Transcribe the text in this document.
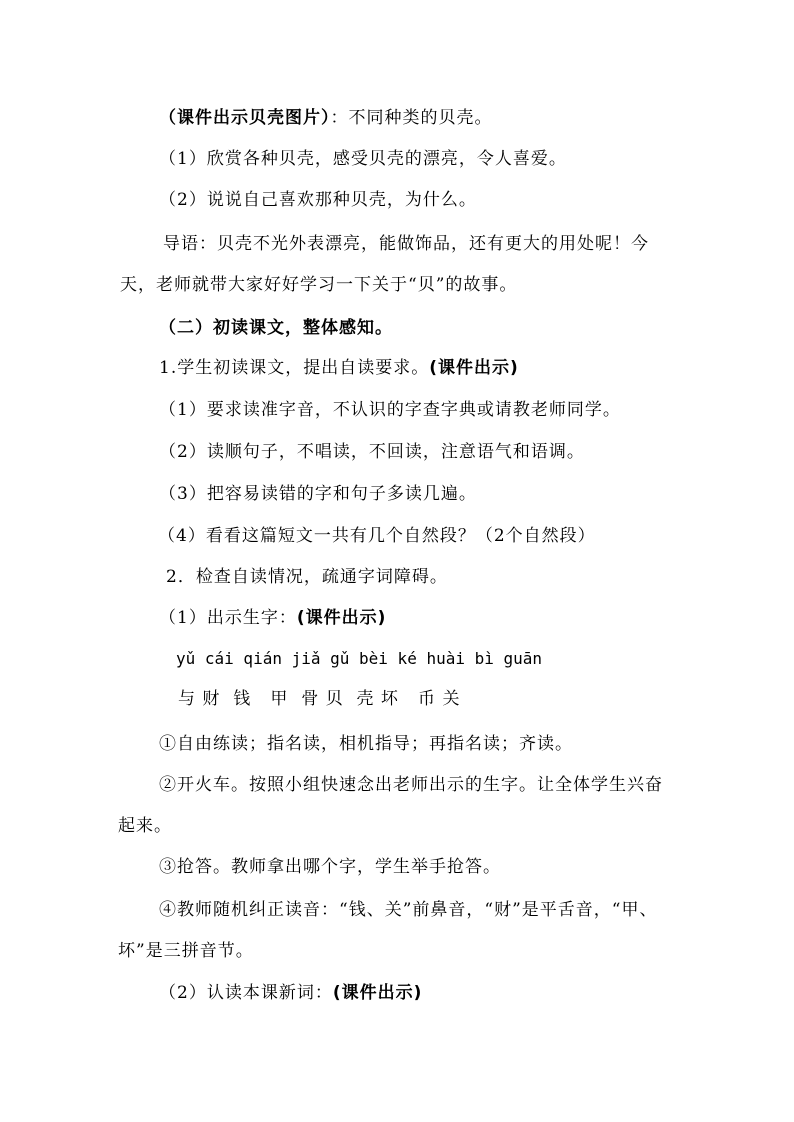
（课件出示贝壳图片）：不同种类的贝壳。
（1）欣赏各种贝壳，感受贝壳的漂亮，令人喜爱。
（2）说说自己喜欢那种贝壳，为什么。
导语：贝壳不光外表漂亮，能做饰品，还有更大的用处呢！今
天，老师就带大家好好学习一下关于“贝”的故事。
（二）初读课文，整体感知。
1.学生初读课文，提出自读要求。(课件出示)
（1）要求读准字音，不认识的字查字典或请教老师同学。
（2）读顺句子，不唱读，不回读，注意语气和语调。
（3）把容易读错的字和句子多读几遍。
（4）看看这篇短文一共有几个自然段？（2个自然段）
2．检查自读情况，疏通字词障碍。
（1）出示生字：(课件出示)
yǔ cái qián jiǎ gǔ bèi ké huài bì guān
与 财  钱   甲  骨 贝  壳 坏   币 关
①自由练读；指名读，相机指导；再指名读；齐读。
②开火车。按照小组快速念出老师出示的生字。让全体学生兴奋
起来。
③抢答。教师拿出哪个字，学生举手抢答。
④教师随机纠正读音：“钱、关”前鼻音，“财”是平舌音，“甲、
坏”是三拼音节。
（2）认读本课新词：(课件出示)
